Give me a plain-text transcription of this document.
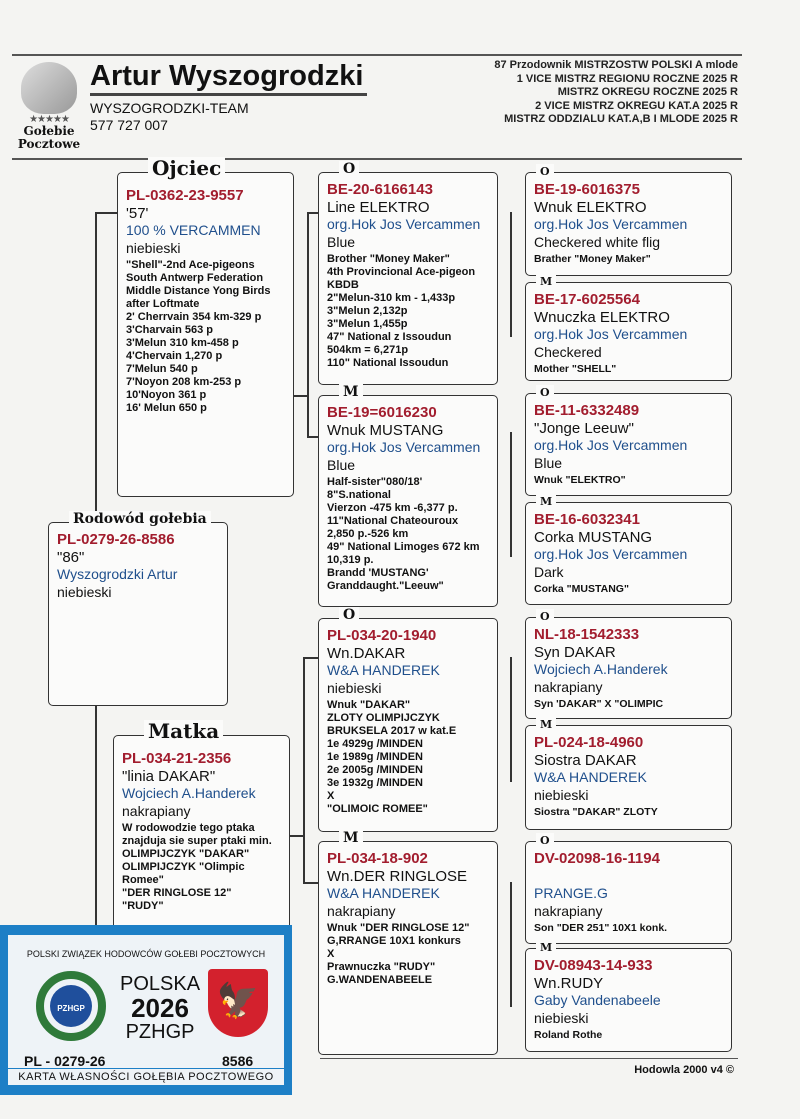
★★★★★
Gołebie
Pocztowe
Artur Wyszogrodzki
WYSZOGRODZKI-TEAM
577 727 007
87 Przodownik MISTRZOSTW POLSKI A mlode
1 VICE MISTRZ REGIONU ROCZNE 2025 R
MISTRZ OKREGU ROCZNE 2025 R
2 VICE MISTRZ OKREGU KAT.A 2025 R
MISTRZ ODDZIALU KAT.A,B I MLODE 2025 R
Rodowód gołebia
PL-0279-26-8586
"86"
Wyszogrodzki Artur
niebieski
Ojciec
PL-0362-23-9557
'57'
100 % VERCAMMEN
niebieski
"Shell"-2nd Ace-pigeons
South Antwerp Federation
Middle Distance Yong Birds
after Loftmate
2' Cherrvain 354 km-329 p
3'Charvain 563 p
3'Melun 310 km-458 p
4'Chervain 1,270 p
7'Melun 540 p
7'Noyon 208 km-253 p
10'Noyon 361 p
16' Melun 650 p
Matka
PL-034-21-2356
"linia DAKAR"
Wojciech A.Handerek
nakrapiany
W rodowodzie tego ptaka
znajduja sie super ptaki min.
OLIMPIJCZYK "DAKAR"
OLIMPIJCZYK "Olimpic
Romee"
"DER RINGLOSE 12"
"RUDY"
O
BE-20-6166143
Line ELEKTRO
org.Hok Jos Vercammen
Blue
Brother "Money Maker"
4th Provincional Ace-pigeon
KBDB
2"Melun-310 km - 1,433p
3"Melun 2,132p
3"Melun 1,455p
47" National z Issoudun
504km = 6,271p
110" National Issoudun
M
BE-19=6016230
Wnuk MUSTANG
org.Hok Jos Vercammen
Blue
Half-sister"080/18'
8"S.national
Vierzon -475 km -6,377 p.
11"National Chateouroux
2,850 p.-526 km
49" National Limoges 672 km
10,319 p.
Brandd 'MUSTANG'
Granddaught."Leeuw"
O
PL-034-20-1940
Wn.DAKAR
W&A HANDEREK
niebieski
Wnuk "DAKAR"
ZLOTY OLIMPIJCZYK
BRUKSELA 2017 w kat.E
1e 4929g /MINDEN
1e 1989g /MINDEN
2e 2005g /MINDEN
3e 1932g /MINDEN
X
"OLIMOIC ROMEE"
M
PL-034-18-902
Wn.DER RINGLOSE
W&A HANDEREK
nakrapiany
Wnuk "DER RINGLOSE 12"
G,RRANGE 10X1 konkurs
X
Prawnuczka "RUDY"
G.WANDENABEELE
O
BE-19-6016375
Wnuk ELEKTRO
org.Hok Jos Vercammen
Checkered white flig
Brather "Money Maker"
M
BE-17-6025564
Wnuczka ELEKTRO
org.Hok Jos Vercammen
Checkered
Mother "SHELL"
O
BE-11-6332489
"Jonge Leeuw"
org.Hok Jos Vercammen
Blue
Wnuk "ELEKTRO"
M
BE-16-6032341
Corka MUSTANG
org.Hok Jos Vercammen
Dark
Corka "MUSTANG"
O
NL-18-1542333
Syn DAKAR
Wojciech A.Handerek
nakrapiany
Syn 'DAKAR" X "OLIMPIC
M
PL-024-18-4960
Siostra DAKAR
W&A HANDEREK
niebieski
Siostra "DAKAR" ZLOTY
O
DV-02098-16-1194
PRANGE.G
nakrapiany
Son "DER 251" 10X1 konk.
M
DV-08943-14-933
Wn.RUDY
Gaby Vandenabeele
niebieski
Roland Rothe
Hodowla 2000 v4 ©
POLSKI ZWIĄZEK HODOWCÓW GOŁEBI POCZTOWYCH
PZHGP
POLSKA
2026
PZHGP
🦅
PL - 0279-26	8586
KARTA WŁASNOŚCI GOŁĘBIA POCZTOWEGO
